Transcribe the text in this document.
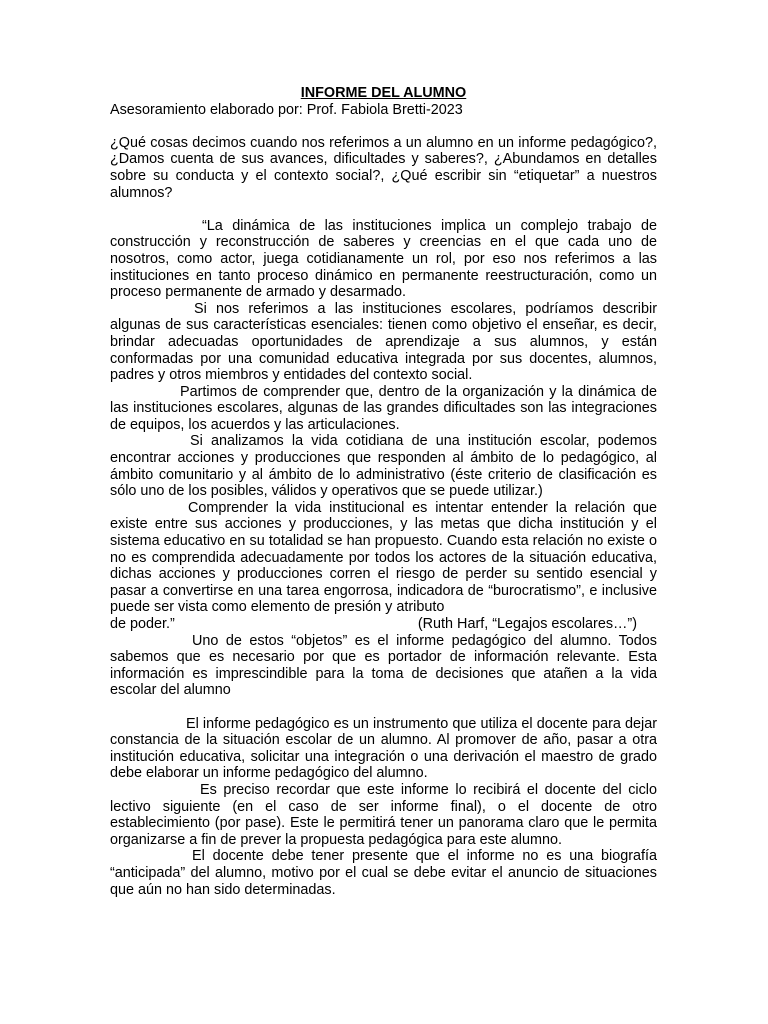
INFORME DEL ALUMNO

Asesoramiento elaborado por: Prof. Fabiola Bretti-2023

¿Qué cosas decimos cuando nos referimos a un alumno en un informe pedagógico?, ¿Damos cuenta de sus avances, dificultades y saberes?, ¿Abundamos en detalles sobre su conducta y el contexto social?, ¿Qué escribir sin “etiquetar” a nuestros alumnos?

“La dinámica de las instituciones implica un complejo trabajo de construcción y reconstrucción de saberes y creencias en el que cada uno de nosotros, como actor, juega cotidianamente un rol, por eso nos referimos a las instituciones en tanto proceso dinámico en permanente reestructuración, como un proceso permanente de armado y desarmado.

Si nos referimos a las instituciones escolares, podríamos describir algunas de sus características esenciales: tienen como objetivo el enseñar, es decir, brindar adecuadas oportunidades de aprendizaje a sus alumnos, y están conformadas por una comunidad educativa integrada por sus docentes, alumnos, padres y otros miembros y entidades del contexto social.

Partimos de comprender que, dentro de la organización y la dinámica de las instituciones escolares, algunas de las grandes dificultades son las integraciones de equipos, los acuerdos y las articulaciones.

Si analizamos la vida cotidiana de una institución escolar, podemos encontrar acciones y producciones que responden al ámbito de lo pedagógico, al ámbito comunitario y al ámbito de lo administrativo (éste criterio de clasificación es sólo uno de los posibles, válidos y operativos que se puede utilizar.)

Comprender la vida institucional es intentar entender la relación que existe entre sus acciones y producciones, y las metas que dicha institución y el sistema educativo en su totalidad se han propuesto. Cuando esta relación no existe o no es comprendida adecuadamente por todos los actores de la situación educativa, dichas acciones y producciones corren el riesgo de perder su sentido esencial y pasar a convertirse en una tarea engorrosa, indicadora de “burocratismo”, e inclusive puede ser vista como elemento de presión y atributo

de poder.”	(Ruth Harf, “Legajos escolares…”)

Uno de estos “objetos” es el informe pedagógico del alumno. Todos sabemos que es necesario por que es portador de información relevante. Esta información es imprescindible para la toma de decisiones que atañen a la vida escolar del alumno

El informe pedagógico es un instrumento que utiliza el docente para dejar constancia de la situación escolar de un alumno. Al promover de año, pasar a otra institución educativa, solicitar una integración o una derivación el maestro de grado debe elaborar un informe pedagógico del alumno.

Es preciso recordar que este informe lo recibirá el docente del ciclo lectivo siguiente (en el caso de ser informe final), o el docente de otro establecimiento (por pase). Este le permitirá tener un panorama claro que le permita organizarse a fin de prever la propuesta pedagógica para este alumno.

El docente debe tener presente que el informe no es una biografía “anticipada” del alumno, motivo por el cual se debe evitar el anuncio de situaciones que aún no han sido determinadas.
